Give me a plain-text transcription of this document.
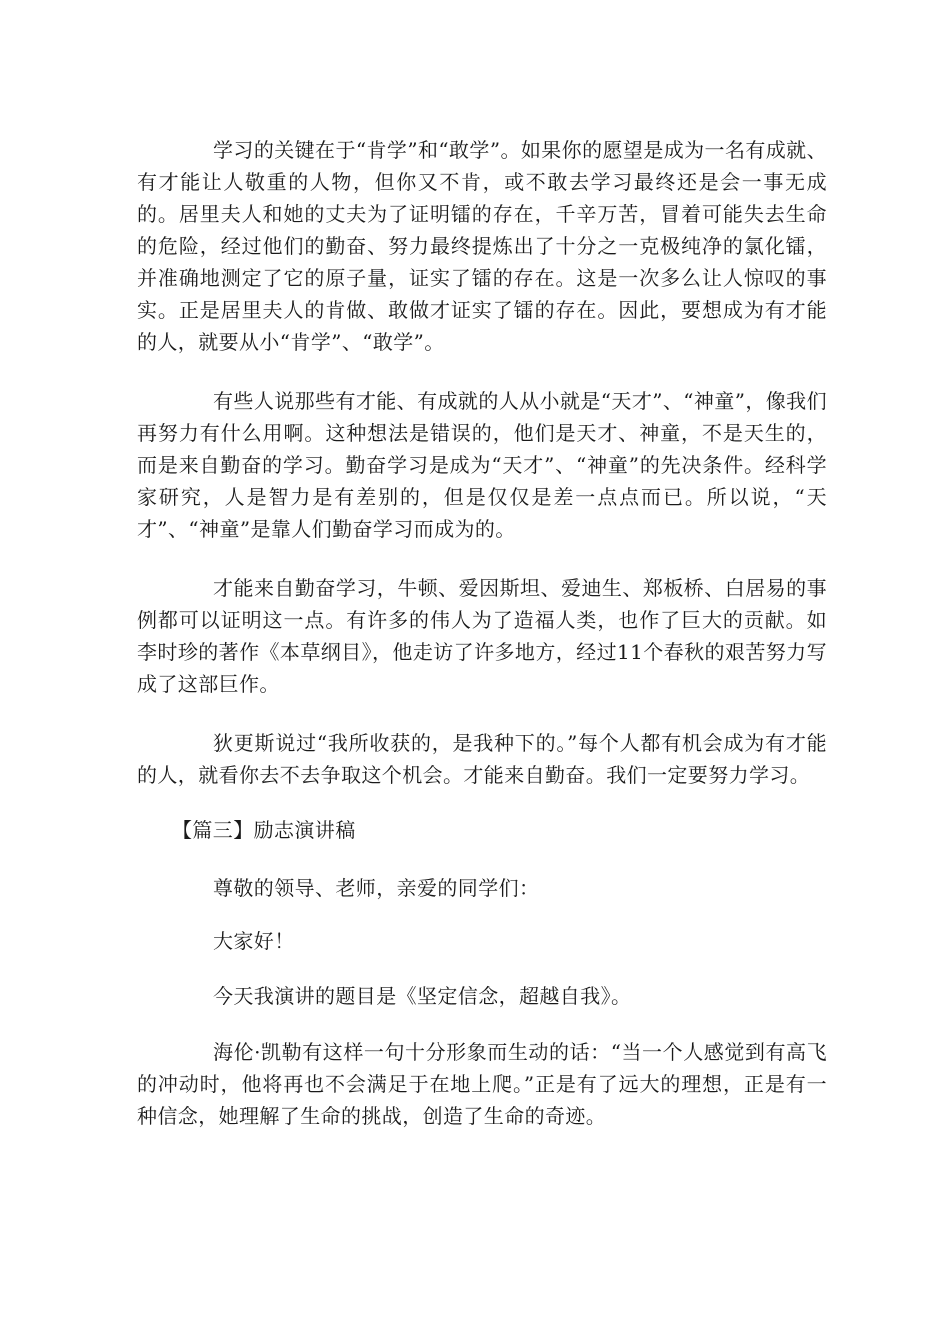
学习的关键在于“肯学”和“敢学”。如果你的愿望是成为一名有成就、有才能让人敬重的人物，但你又不肯，或不敢去学习最终还是会一事无成的。居里夫人和她的丈夫为了证明镭的存在，千辛万苦，冒着可能失去生命的危险，经过他们的勤奋、努力最终提炼出了十分之一克极纯净的氯化镭，并准确地测定了它的原子量，证实了镭的存在。这是一次多么让人惊叹的事实。正是居里夫人的肯做、敢做才证实了镭的存在。因此，要想成为有才能的人，就要从小“肯学”、“敢学”。

有些人说那些有才能、有成就的人从小就是“天才”、“神童”，像我们再努力有什么用啊。这种想法是错误的，他们是天才、神童，不是天生的，而是来自勤奋的学习。勤奋学习是成为“天才”、“神童”的先决条件。经科学家研究，人是智力是有差别的，但是仅仅是差一点点而已。所以说，“天才”、“神童”是靠人们勤奋学习而成为的。

才能来自勤奋学习，牛顿、爱因斯坦、爱迪生、郑板桥、白居易的事例都可以证明这一点。有许多的伟人为了造福人类，也作了巨大的贡献。如李时珍的著作《本草纲目》，他走访了许多地方，经过11个春秋的艰苦努力写成了这部巨作。

狄更斯说过“我所收获的，是我种下的。”每个人都有机会成为有才能的人，就看你去不去争取这个机会。才能来自勤奋。我们一定要努力学习。

【篇三】励志演讲稿
尊敬的领导、老师，亲爱的同学们：
大家好！
今天我演讲的题目是《坚定信念，超越自我》。

海伦·凯勒有这样一句十分形象而生动的话：“当一个人感觉到有高飞的冲动时，他将再也不会满足于在地上爬。”正是有了远大的理想，正是有一种信念，她理解了生命的挑战，创造了生命的奇迹。
